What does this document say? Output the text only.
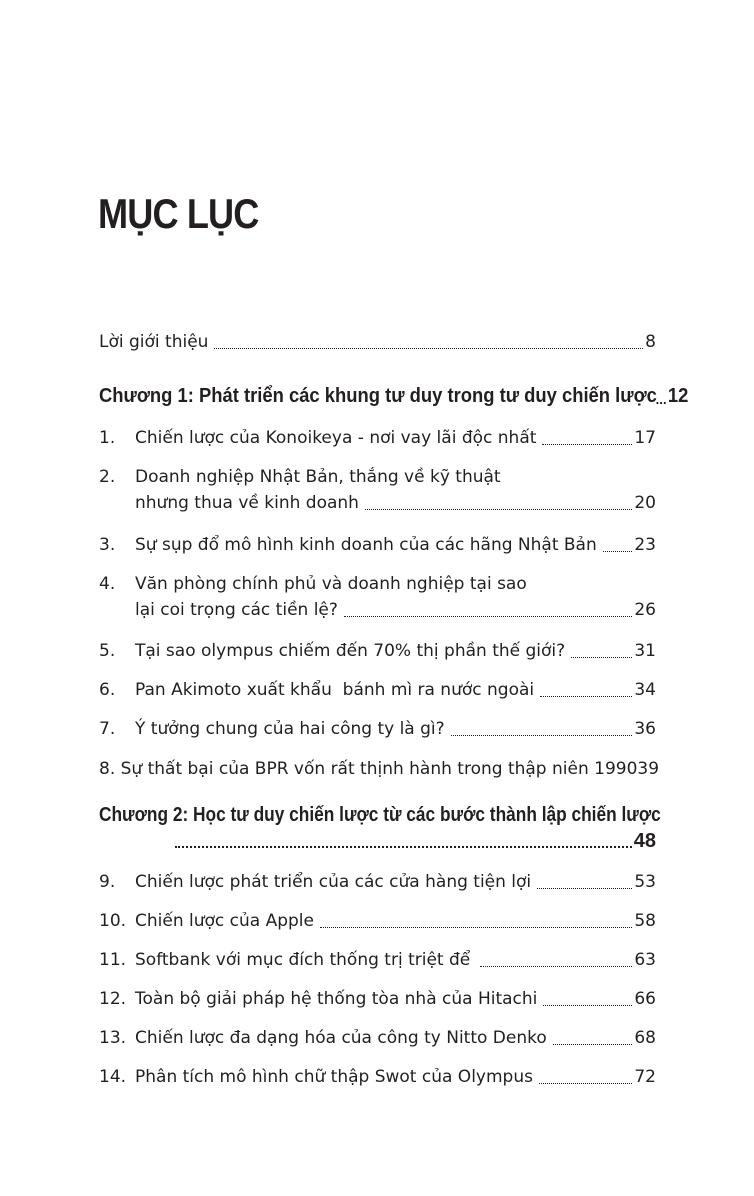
MỤC LỤC
Lời giới thiệu	8
Chương 1: Phát triển các khung tư duy trong tư duy chiến lược 12
1.	Chiến lược của Konoikeya - nơi vay lãi độc nhất	17
2.	Doanh nghiệp Nhật Bản, thắng về kỹ thuật
nhưng thua về kinh doanh	20
3.	Sự sụp đổ mô hình kinh doanh của các hãng Nhật Bản 23
4.	Văn phòng chính phủ và doanh nghiệp tại sao
lại coi trọng các tiền lệ?	26
5.	Tại sao olympus chiếm đến 70% thị phần thế giới?	31
6.	Pan Akimoto xuất khẩu  bánh mì ra nước ngoài	34
7.	Ý tưởng chung của hai công ty là gì?	36
8. Sự thất bại của BPR vốn rất thịnh hành trong thập niên 1990 39
Chương 2: Học tư duy chiến lược từ các bước thành lập chiến lược
48
9.	Chiến lược phát triển của các cửa hàng tiện lợi	53
10. Chiến lược của Apple	58
11. Softbank với mục đích thống trị triệt để	63
12. Toàn bộ giải pháp hệ thống tòa nhà của Hitachi	66
13. Chiến lược đa dạng hóa của công ty Nitto Denko	68
14. Phân tích mô hình chữ thập Swot của Olympus	72
